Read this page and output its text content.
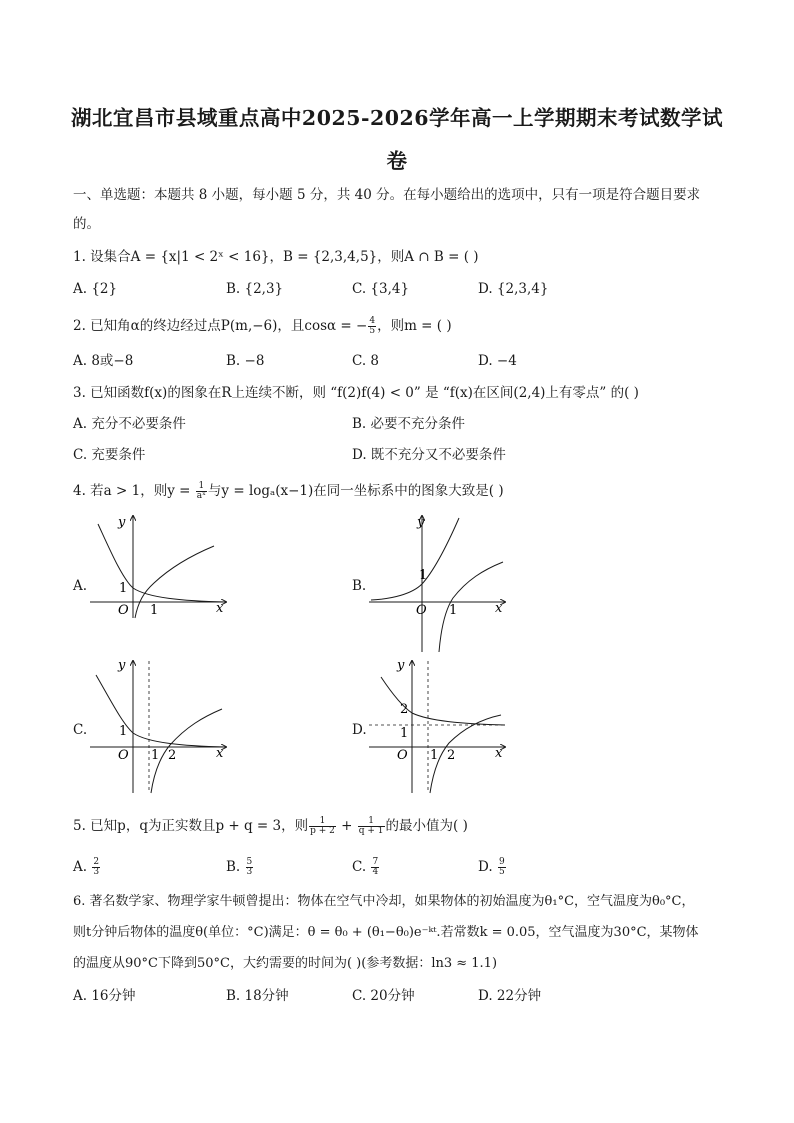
湖北宜昌市县域重点高中2025-2026学年高一上学期期末考试数学试
卷
一、单选题：本题共 8 小题，每小题 5 分，共 40 分。在每小题给出的选项中，只有一项是符合题目要求
的。
1. 设集合A = {x|1 < 2ˣ < 16}，B = {2,3,4,5}，则A ∩ B = ( )
A. {2}	B. {2,3}	C. {3,4}	D. {2,3,4}
2. 已知角α的终边经过点P(m,−6)，且cosα = − $\frac{4}{5}$ ，则m = ( )
A. 8或−8	B. −8	C. 8	D. −4
3. 已知函数f(x)的图象在R上连续不断，则 “f(2)f(4) < 0” 是 “f(x)在区间(2,4)上有零点” 的( )
A. 充分不必要条件	B. 必要不充分条件
C. 充要条件	D. 既不充分又不必要条件
4. 若a > 1，则$y = \frac{1}{\text{aˣ}}$ 与y = logₐ(x−1)在同一坐标系中的图象大致是( )
A.	B.
C.	D.
y
x
O
1
1
y
x
O
1
1
y
x
O
1
1 2
y
x
O
2
1
1 2
5. 已知p，q为正实数且p + q = 3，则 $\frac{1}{p + 2} + \frac{1}{q + 1}$ 的最小值为( )
A. $\frac{2}{3}$	B. $\frac{5}{3}$	C. $\frac{7}{4}$	D. $\frac{9}{5}$
6. 著名数学家、物理学家牛顿曾提出：物体在空气中冷却，如果物体的初始温度为θ₁°C，空气温度为θ₀°C，
则t分钟后物体的温度θ(单位：°C)满足：θ = θ₀ + (θ₁−θ₀)e⁻ᵏᵗ.若常数k = 0.05，空气温度为30°C，某物体
的温度从90°C下降到50°C，大约需要的时间为( )(参考数据：ln3 ≈ 1.1)
A. 16分钟	B. 18分钟	C. 20分钟	D. 22分钟
